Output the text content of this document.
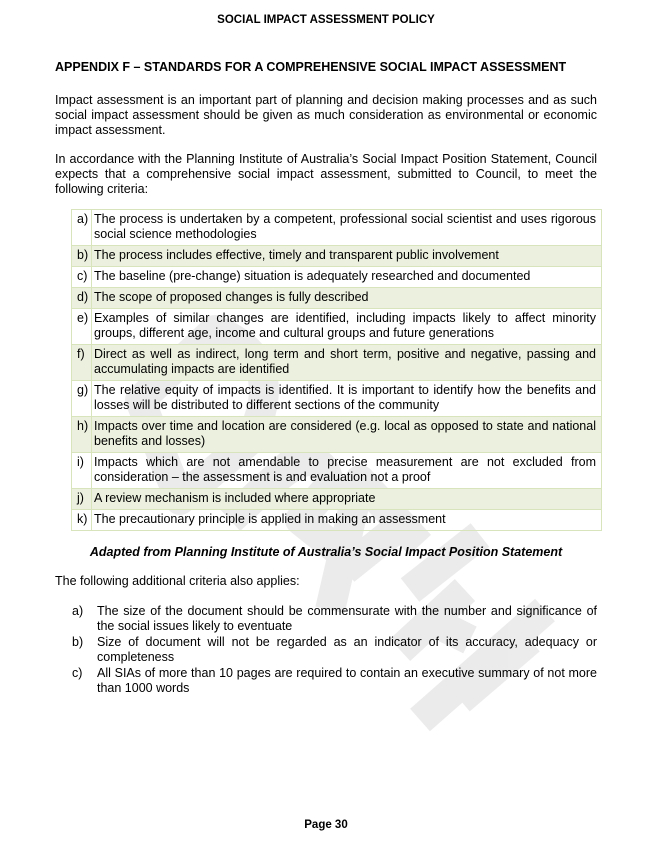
SOCIAL IMPACT ASSESSMENT POLICY
APPENDIX F – STANDARDS FOR A COMPREHENSIVE SOCIAL IMPACT ASSESSMENT
Impact assessment is an important part of planning and decision making processes and as such social impact assessment should be given as much consideration as environmental or economic impact assessment.
In accordance with the Planning Institute of Australia’s Social Impact Position Statement, Council expects that a comprehensive social impact assessment, submitted to Council, to meet the following criteria:
a)	The process is undertaken by a competent, professional social scientist and uses rigorous social science methodologies
b)	The process includes effective, timely and transparent public involvement
c)	The baseline (pre-change) situation is adequately researched and documented
d)	The scope of proposed changes is fully described
e)	Examples of similar changes are identified, including impacts likely to affect minority groups, different age, income and cultural groups and future generations
f)	Direct as well as indirect, long term and short term, positive and negative, passing and accumulating impacts are identified
g)	The relative equity of impacts is identified. It is important to identify how the benefits and losses will be distributed to different sections of the community
h)	Impacts over time and location are considered (e.g. local as opposed to state and national benefits and losses)
i)	Impacts which are not amendable to precise measurement are not excluded from consideration – the assessment is and evaluation not a proof
j)	A review mechanism is included where appropriate
k)	The precautionary principle is applied in making an assessment
Adapted from Planning Institute of Australia’s Social Impact Position Statement
The following additional criteria also applies:
a)	The size of the document should be commensurate with the number and significance of the social issues likely to eventuate
b)	Size of document will not be regarded as an indicator of its accuracy, adequacy or completeness
c)	All SIAs of more than 10 pages are required to contain an executive summary of not more than 1000 words
Page 30
